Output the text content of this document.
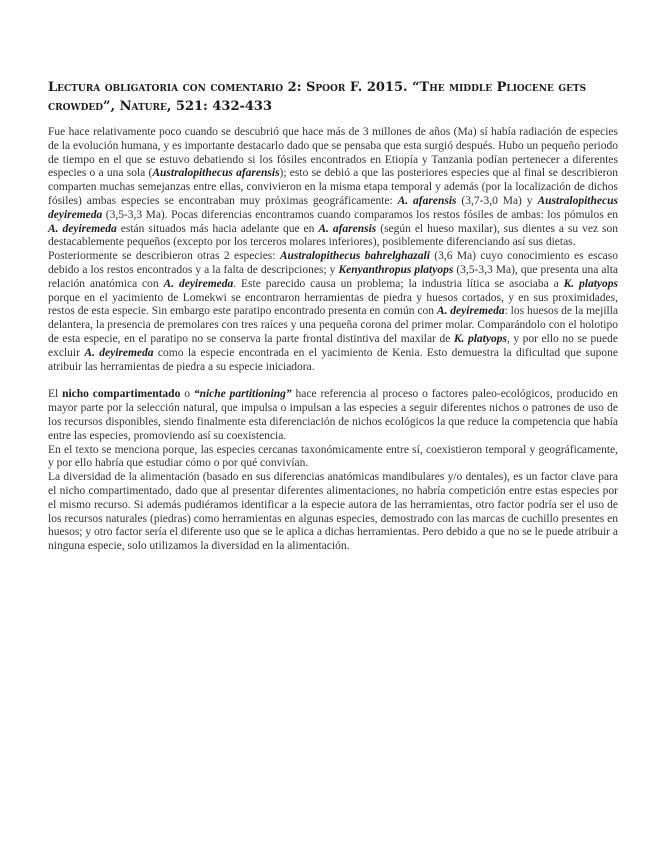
Lectura obligatoria con comentario 2: Spoor F. 2015. “The middle Pliocene gets crowded”, Nature, 521: 432-433

Fue hace relativamente poco cuando se descubrió que hace más de 3 millones de años (Ma) sí había radiación de especies de la evolución humana, y es importante destacarlo dado que se pensaba que esta surgió después. Hubo un pequeño periodo de tiempo en el que se estuvo debatiendo si los fósiles encontrados en Etiopía y Tanzania podían pertenecer a diferentes especies o a una sola (Australopithecus afarensis); esto se debió a que las posteriores especies que al final se describieron comparten muchas semejanzas entre ellas, convivieron en la misma etapa temporal y además (por la localización de dichos fósiles) ambas especies se encontraban muy próximas geográficamente: A. afarensis (3,7-3,0 Ma) y Australopithecus deyiremeda (3,5-3,3 Ma). Pocas diferencias encontramos cuando comparamos los restos fósiles de ambas: los pómulos en A. deyiremeda están situados más hacia adelante que en A. afarensis (según el hueso maxilar), sus dientes a su vez son destacablemente pequeños (excepto por los terceros molares inferiores), posiblemente diferenciando así sus dietas.

Posteriormente se describieron otras 2 especies: Australopithecus bahrelghazali (3,6 Ma) cuyo conocimiento es escaso debido a los restos encontrados y a la falta de descripciones; y Kenyanthropus platyops (3,5-3,3 Ma), que presenta una alta relación anatómica con A. deyiremeda. Este parecido causa un problema; la industria lítica se asociaba a K. platyops porque en el yacimiento de Lomekwi se encontraron herramientas de piedra y huesos cortados, y en sus proximidades, restos de esta especie. Sin embargo este paratipo encontrado presenta en común con A. deyiremeda: los huesos de la mejilla delantera, la presencia de premolares con tres raíces y una pequeña corona del primer molar. Comparándolo con el holotipo de esta especie, en el paratipo no se conserva la parte frontal distintiva del maxilar de K. platyops, y por ello no se puede excluir A. deyiremeda como la especie encontrada en el yacimiento de Kenia. Esto demuestra la dificultad que supone atribuir las herramientas de piedra a su especie iniciadora.

El nicho compartimentado o “niche partitioning” hace referencia al proceso o factores paleo-ecológicos, producido en mayor parte por la selección natural, que impulsa o impulsan a las especies a seguir diferentes nichos o patrones de uso de los recursos disponibles, siendo finalmente esta diferenciación de nichos ecológicos la que reduce la competencia que había entre las especies, promoviendo así su coexistencia.

En el texto se menciona porque, las especies cercanas taxonómicamente entre sí, coexistieron temporal y geográficamente, y por ello habría que estudiar cómo o por qué convivían.

La diversidad de la alimentación (basado en sus diferencias anatómicas mandibulares y/o dentales), es un factor clave para el nicho compartimentado, dado que al presentar diferentes alimentaciones, no habría competición entre estas especies por el mismo recurso. Si además pudiéramos identificar a la especie autora de las herramientas, otro factor podría ser el uso de los recursos naturales (piedras) como herramientas en algunas especies, demostrado con las marcas de cuchillo presentes en huesos; y otro factor sería el diferente uso que se le aplica a dichas herramientas. Pero debido a que no se le puede atribuir a ninguna especie, solo utilizamos la diversidad en la alimentación.
